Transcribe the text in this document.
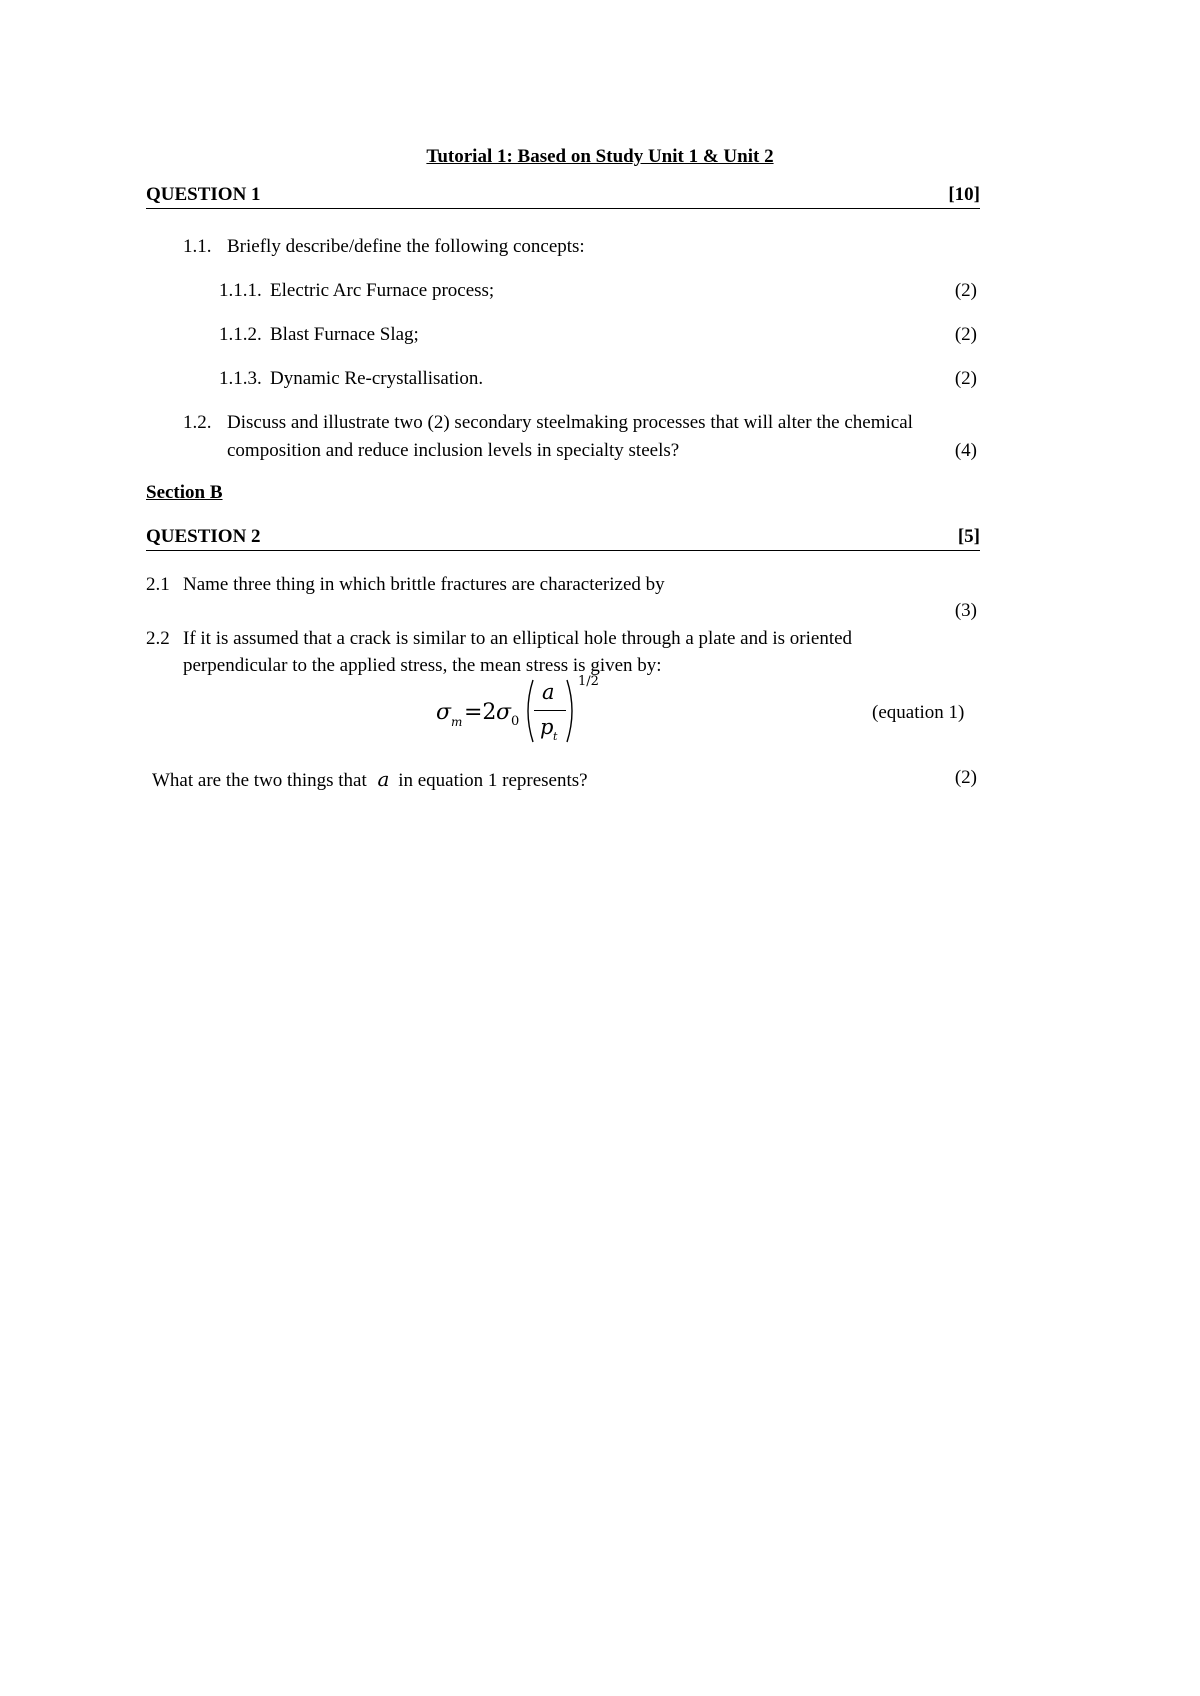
Tutorial 1: Based on Study Unit 1 & Unit 2
QUESTION 1	[10]
1.1. Briefly describe/define the following concepts:
1.1.1. Electric Arc Furnace process;	(2)
1.1.2. Blast Furnace Slag;	(2)
1.1.3. Dynamic Re-crystallisation.	(2)
1.2. Discuss and illustrate two (2) secondary steelmaking processes that will alter the chemical
composition and reduce inclusion levels in specialty steels?	(4)
Section B
QUESTION 2	[5]
2.1 Name three thing in which brittle fractures are characterized by
(3)
2.2 If it is assumed that a crack is similar to an elliptical hole through a plate and is oriented
perpendicular to the applied stress, the mean stress is given by:
σ m =2 σ 0
a
p t
1/2
(equation 1)
What are the two things that a in equation 1 represents?	(2)
